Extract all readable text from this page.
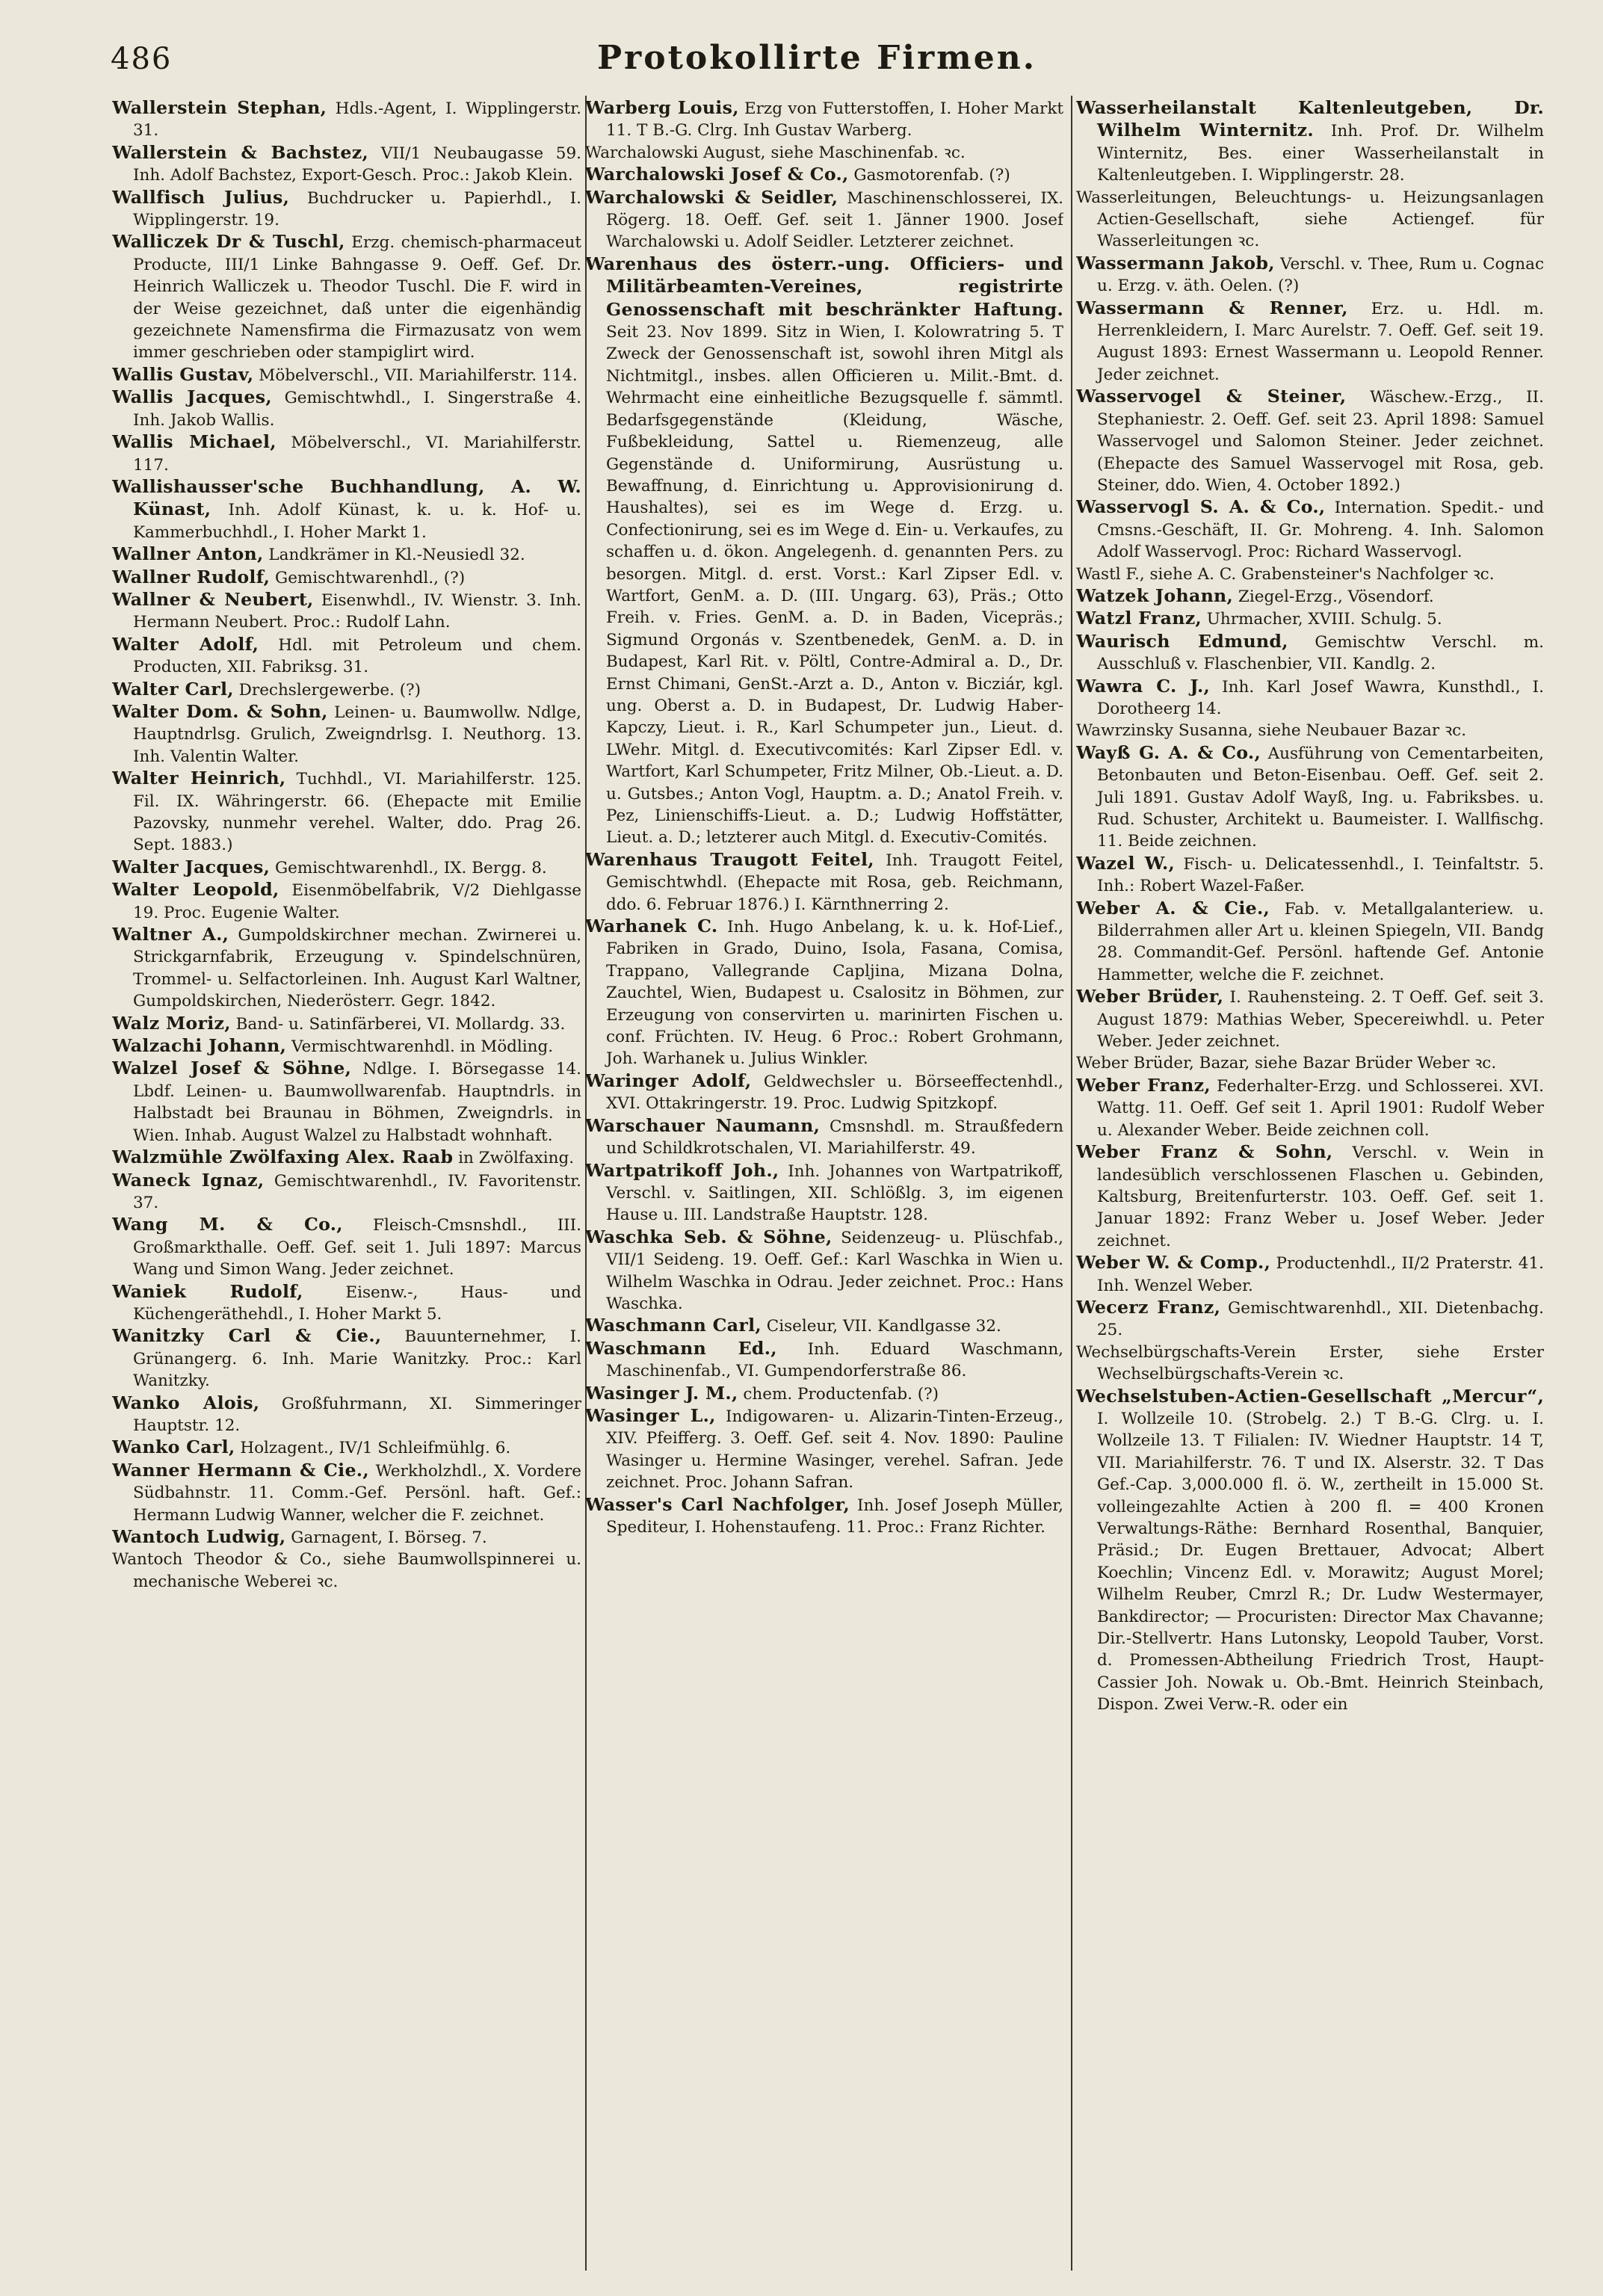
486	Protokollirte Firmen.

Wallerstein Stephan, Hdls.-Agent, I. Wipplingerstr. 31.

Wallerstein & Bachstez, VII/1 Neubaugasse 59. Inh. Adolf Bachstez, Export-Gesch. Proc.: Jakob Klein.

Wallfisch Julius, Buchdrucker u. Papierhdl., I. Wipplingerstr. 19.

Walliczek Dr & Tuschl, Erzg. chemisch-pharmaceut Producte, III/1 Linke Bahngasse 9. Oeff. Gef. Dr. Heinrich Walliczek u. Theodor Tuschl. Die F. wird in der Weise gezeichnet, daß unter die eigenhändig gezeichnete Namensfirma die Firmazusatz von wem immer geschrieben oder stampiglirt wird.

Wallis Gustav, Möbelverschl., VII. Mariahilferstr. 114.

Wallis Jacques, Gemischtwhdl., I. Singerstraße 4. Inh. Jakob Wallis.

Wallis Michael, Möbelverschl., VI. Mariahilferstr. 117.

Wallishausser'sche Buchhandlung, A. W. Künast, Inh. Adolf Künast, k. u. k. Hof- u. Kammerbuchhdl., I. Hoher Markt 1.

Wallner Anton, Landkrämer in Kl.-Neusiedl 32.

Wallner Rudolf, Gemischtwarenhdl., (?)

Wallner & Neubert, Eisenwhdl., IV. Wienstr. 3. Inh. Hermann Neubert. Proc.: Rudolf Lahn.

Walter Adolf, Hdl. mit Petroleum und chem. Producten, XII. Fabriksg. 31.

Walter Carl, Drechslergewerbe. (?)

Walter Dom. & Sohn, Leinen- u. Baumwollw. Ndlge, Hauptndrlsg. Grulich, Zweigndrlsg. I. Neuthorg. 13. Inh. Valentin Walter.

Walter Heinrich, Tuchhdl., VI. Mariahilferstr. 125. Fil. IX. Währingerstr. 66. (Ehepacte mit Emilie Pazovsky, nunmehr verehel. Walter, ddo. Prag 26. Sept. 1883.)

Walter Jacques, Gemischtwarenhdl., IX. Bergg. 8.

Walter Leopold, Eisenmöbelfabrik, V/2 Diehlgasse 19. Proc. Eugenie Walter.

Waltner A., Gumpoldskirchner mechan. Zwirnerei u. Strickgarnfabrik, Erzeugung v. Spindelschnüren, Trommel- u. Selfactorleinen. Inh. August Karl Waltner, Gumpoldskirchen, Niederösterr. Gegr. 1842.

Walz Moriz, Band- u. Satinfärberei, VI. Mollardg. 33.

Walzachi Johann, Vermischtwarenhdl. in Mödling.

Walzel Josef & Söhne, Ndlge. I. Börsegasse 14. Lbdf. Leinen- u. Baumwollwarenfab. Hauptndrls. in Halbstadt bei Braunau in Böhmen, Zweigndrls. in Wien. Inhab. August Walzel zu Halbstadt wohnhaft.

Walzmühle Zwölfaxing Alex. Raab in Zwölfaxing.

Waneck Ignaz, Gemischtwarenhdl., IV. Favoritenstr. 37.

Wang M. & Co., Fleisch-Cmsnshdl., III. Großmarkthalle. Oeff. Gef. seit 1. Juli 1897: Marcus Wang und Simon Wang. Jeder zeichnet.

Waniek Rudolf, Eisenw.-, Haus- und Küchengeräthehdl., I. Hoher Markt 5.

Wanitzky Carl & Cie., Bauunternehmer, I. Grünangerg. 6. Inh. Marie Wanitzky. Proc.: Karl Wanitzky.

Wanko Alois, Großfuhrmann, XI. Simmeringer Hauptstr. 12.

Wanko Carl, Holzagent., IV/1 Schleifmühlg. 6.

Wanner Hermann & Cie., Werkholzhdl., X. Vordere Südbahnstr. 11. Comm.-Gef. Persönl. haft. Gef.: Hermann Ludwig Wanner, welcher die F. zeichnet.

Wantoch Ludwig, Garnagent, I. Börseg. 7.

Wantoch Theodor & Co., siehe Baumwollspinnerei u. mechanische Weberei ꝛc.

Warberg Louis, Erzg von Futterstoffen, I. Hoher Markt 11. T B.-G. Clrg. Inh Gustav Warberg.

Warchalowski August, siehe Maschinenfab. ꝛc.

Warchalowski Josef & Co., Gasmotorenfab. (?)

Warchalowski & Seidler, Maschinenschlosserei, IX. Rögerg. 18. Oeff. Gef. seit 1. Jänner 1900. Josef Warchalowski u. Adolf Seidler. Letzterer zeichnet.

Warenhaus des österr.-ung. Officiers- und Militärbeamten-Vereines, registrirte Genossenschaft mit beschränkter Haftung. Seit 23. Nov 1899. Sitz in Wien, I. Kolowratring 5. T Zweck der Genossenschaft ist, sowohl ihren Mitgl als Nichtmitgl., insbes. allen Officieren u. Milit.-Bmt. d. Wehrmacht eine einheitliche Bezugsquelle f. sämmtl. Bedarfsgegenstände (Kleidung, Wäsche, Fußbekleidung, Sattel u. Riemenzeug, alle Gegenstände d. Uniformirung, Ausrüstung u. Bewaffnung, d. Einrichtung u. Approvisionirung d. Haushaltes), sei es im Wege d. Erzg. u. Confectionirung, sei es im Wege d. Ein- u. Verkaufes, zu schaffen u. d. ökon. Angelegenh. d. genannten Pers. zu besorgen. Mitgl. d. erst. Vorst.: Karl Zipser Edl. v. Wartfort, GenM. a. D. (III. Ungarg. 63), Präs.; Otto Freih. v. Fries. GenM. a. D. in Baden, Vicepräs.; Sigmund Orgonás v. Szentbenedek, GenM. a. D. in Budapest, Karl Rit. v. Pöltl, Contre-Admiral a. D., Dr. Ernst Chimani, GenSt.-Arzt a. D., Anton v. Bicziár, kgl. ung. Oberst a. D. in Budapest, Dr. Ludwig Haber-Kapczy, Lieut. i. R., Karl Schumpeter jun., Lieut. d. LWehr. Mitgl. d. Executivcomités: Karl Zipser Edl. v. Wartfort, Karl Schumpeter, Fritz Milner, Ob.-Lieut. a. D. u. Gutsbes.; Anton Vogl, Hauptm. a. D.; Anatol Freih. v. Pez, Linienschiffs-Lieut. a. D.; Ludwig Hoffstätter, Lieut. a. D.; letzterer auch Mitgl. d. Executiv-Comités.

Warenhaus Traugott Feitel, Inh. Traugott Feitel, Gemischtwhdl. (Ehepacte mit Rosa, geb. Reichmann, ddo. 6. Februar 1876.) I. Kärnthnerring 2.

Warhanek C. Inh. Hugo Anbelang, k. u. k. Hof-Lief., Fabriken in Grado, Duino, Isola, Fasana, Comisa, Trappano, Vallegrande Capljina, Mizana Dolna, Zauchtel, Wien, Budapest u. Csalositz in Böhmen, zur Erzeugung von conservirten u. marinirten Fischen u. conf. Früchten. IV. Heug. 6 Proc.: Robert Grohmann, Joh. Warhanek u. Julius Winkler.

Waringer Adolf, Geldwechsler u. Börseeffectenhdl., XVI. Ottakringerstr. 19. Proc. Ludwig Spitzkopf.

Warschauer Naumann, Cmsnshdl. m. Straußfedern und Schildkrotschalen, VI. Mariahilferstr. 49.

Wartpatrikoff Joh., Inh. Johannes von Wartpatrikoff, Verschl. v. Saitlingen, XII. Schlößlg. 3, im eigenen Hause u. III. Landstraße Hauptstr. 128.

Waschka Seb. & Söhne, Seidenzeug- u. Plüschfab., VII/1 Seideng. 19. Oeff. Gef.: Karl Waschka in Wien u. Wilhelm Waschka in Odrau. Jeder zeichnet. Proc.: Hans Waschka.

Waschmann Carl, Ciseleur, VII. Kandlgasse 32.

Waschmann Ed., Inh. Eduard Waschmann, Maschinenfab., VI. Gumpendorferstraße 86.

Wasinger J. M., chem. Productenfab. (?)

Wasinger L., Indigowaren- u. Alizarin-Tinten-Erzeug., XIV. Pfeifferg. 3. Oeff. Gef. seit 4. Nov. 1890: Pauline Wasinger u. Hermine Wasinger, verehel. Safran. Jede zeichnet. Proc. Johann Safran.

Wasser's Carl Nachfolger, Inh. Josef Joseph Müller, Spediteur, I. Hohenstaufeng. 11. Proc.: Franz Richter.

Wasserheilanstalt Kaltenleutgeben, Dr. Wilhelm Winternitz. Inh. Prof. Dr. Wilhelm Winternitz, Bes. einer Wasserheilanstalt in Kaltenleutgeben. I. Wipplingerstr. 28.

Wasserleitungen, Beleuchtungs- u. Heizungsanlagen Actien-Gesellschaft, siehe Actiengef. für Wasserleitungen ꝛc.

Wassermann Jakob, Verschl. v. Thee, Rum u. Cognac u. Erzg. v. äth. Oelen. (?)

Wassermann & Renner, Erz. u. Hdl. m. Herrenkleidern, I. Marc Aurelstr. 7. Oeff. Gef. seit 19. August 1893: Ernest Wassermann u. Leopold Renner. Jeder zeichnet.

Wasservogel & Steiner, Wäschew.-Erzg., II. Stephaniestr. 2. Oeff. Gef. seit 23. April 1898: Samuel Wasservogel und Salomon Steiner. Jeder zeichnet. (Ehepacte des Samuel Wasservogel mit Rosa, geb. Steiner, ddo. Wien, 4. October 1892.)

Wasservogl S. A. & Co., Internation. Spedit.- und Cmsns.-Geschäft, II. Gr. Mohreng. 4. Inh. Salomon Adolf Wasservogl. Proc: Richard Wasservogl.

Wastl F., siehe A. C. Grabensteiner's Nachfolger ꝛc.

Watzek Johann, Ziegel-Erzg., Vösendorf.

Watzl Franz, Uhrmacher, XVIII. Schulg. 5.

Waurisch Edmund, Gemischtw Verschl. m. Ausschluß v. Flaschenbier, VII. Kandlg. 2.

Wawra C. J., Inh. Karl Josef Wawra, Kunsthdl., I. Dorotheerg 14.

Wawrzinsky Susanna, siehe Neubauer Bazar ꝛc.

Wayß G. A. & Co., Ausführung von Cementarbeiten, Betonbauten und Beton-Eisenbau. Oeff. Gef. seit 2. Juli 1891. Gustav Adolf Wayß, Ing. u. Fabriksbes. u. Rud. Schuster, Architekt u. Baumeister. I. Wallfischg. 11. Beide zeichnen.

Wazel W., Fisch- u. Delicatessenhdl., I. Teinfaltstr. 5. Inh.: Robert Wazel-Faßer.

Weber A. & Cie., Fab. v. Metallgalanteriew. u. Bilderrahmen aller Art u. kleinen Spiegeln, VII. Bandg 28. Commandit-Gef. Persönl. haftende Gef. Antonie Hammetter, welche die F. zeichnet.

Weber Brüder, I. Rauhensteing. 2. T Oeff. Gef. seit 3. August 1879: Mathias Weber, Specereiwhdl. u. Peter Weber. Jeder zeichnet.

Weber Brüder, Bazar, siehe Bazar Brüder Weber ꝛc.

Weber Franz, Federhalter-Erzg. und Schlosserei. XVI. Wattg. 11. Oeff. Gef seit 1. April 1901: Rudolf Weber u. Alexander Weber. Beide zeichnen coll.

Weber Franz & Sohn, Verschl. v. Wein in landesüblich verschlossenen Flaschen u. Gebinden, Kaltsburg, Breitenfurterstr. 103. Oeff. Gef. seit 1. Januar 1892: Franz Weber u. Josef Weber. Jeder zeichnet.

Weber W. & Comp., Productenhdl., II/2 Praterstr. 41. Inh. Wenzel Weber.

Wecerz Franz, Gemischtwarenhdl., XII. Dietenbachg. 25.

Wechselbürgschafts-Verein Erster, siehe Erster Wechselbürgschafts-Verein ꝛc.

Wechselstuben-Actien-Gesellschaft „Mercur“, I. Wollzeile 10. (Strobelg. 2.) T B.-G. Clrg. u. I. Wollzeile 13. T Filialen: IV. Wiedner Hauptstr. 14 T, VII. Mariahilferstr. 76. T und IX. Alserstr. 32. T Das Gef.-Cap. 3,000.000 fl. ö. W., zertheilt in 15.000 St. volleingezahlte Actien à 200 fl. = 400 Kronen Verwaltungs-Räthe: Bernhard Rosenthal, Banquier, Präsid.; Dr. Eugen Brettauer, Advocat; Albert Koechlin; Vincenz Edl. v. Morawitz; August Morel; Wilhelm Reuber, Cmrzl R.; Dr. Ludw Westermayer, Bankdirector; — Procuristen: Director Max Chavanne; Dir.-Stellvertr. Hans Lutonsky, Leopold Tauber, Vorst. d. Promessen-Abtheilung Friedrich Trost, Haupt-Cassier Joh. Nowak u. Ob.-Bmt. Heinrich Steinbach, Dispon. Zwei Verw.-R. oder ein
